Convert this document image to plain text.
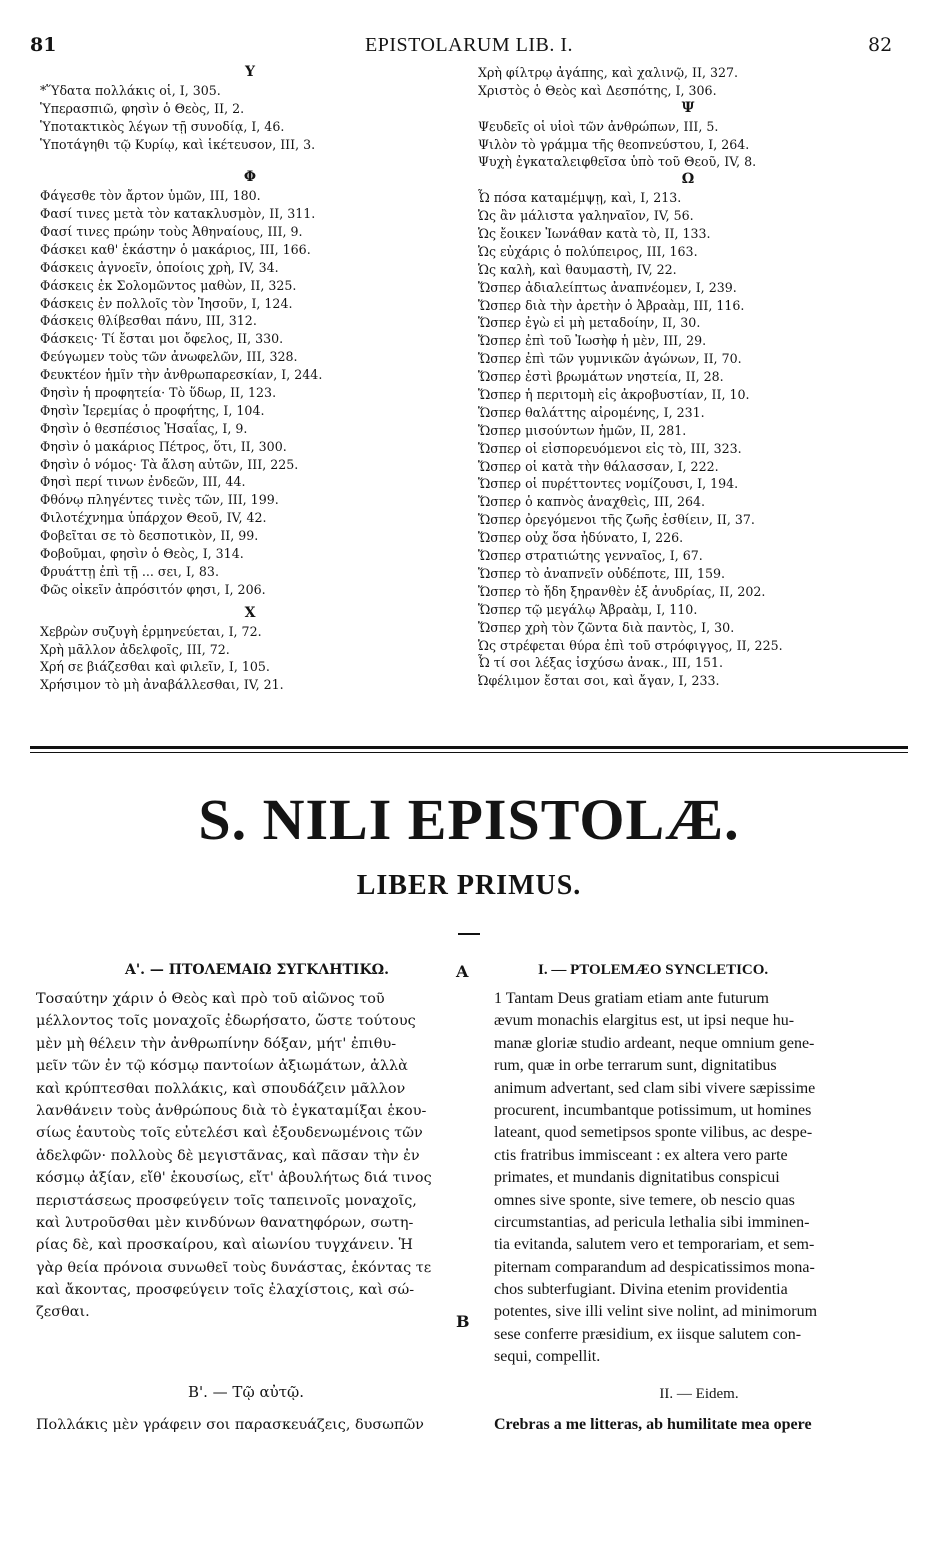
81	EPISTOLARUM LIB. I.	82
Υ
*Ὕδατα πολλάκις οἱ, I, 305.
Ὑπερασπιῶ, φησὶν ὁ Θεὸς, II, 2.
Ὑποτακτικὸς λέγων τῇ συνοδίᾳ, I, 46.
Ὑποτάγηθι τῷ Κυρίῳ, καὶ ἱκέτευσον, III, 3.
Φ
Φάγεσθε τὸν ἄρτον ὑμῶν, III, 180.
Φασί τινες μετὰ τὸν κατακλυσμὸν, II, 311.
Φασί τινες πρώην τοὺς Ἀθηναίους, III, 9.
Φάσκει καθ' ἑκάστην ὁ μακάριος, III, 166.
Φάσκεις ἀγνοεῖν, ὁποίοις χρὴ, IV, 34.
Φάσκεις ἐκ Σολομῶντος μαθὼν, II, 325.
Φάσκεις ἐν πολλοῖς τὸν Ἰησοῦν, I, 124.
Φάσκεις θλίβεσθαι πάνυ, III, 312.
Φάσκεις· Τί ἔσται μοι ὄφελος, II, 330.
Φεύγωμεν τοὺς τῶν ἀνωφελῶν, III, 328.
Φευκτέον ἡμῖν τὴν ἀνθρωπαρεσκίαν, I, 244.
Φησὶν ἡ προφητεία· Τὸ ὕδωρ, II, 123.
Φησὶν Ἱερεμίας ὁ προφήτης, I, 104.
Φησὶν ὁ θεσπέσιος Ἡσαΐας, I, 9.
Φησὶν ὁ μακάριος Πέτρος, ὅτι, II, 300.
Φησὶν ὁ νόμος· Τὰ ἄλση αὐτῶν, III, 225.
Φησὶ περί τινων ἐνδεῶν, III, 44.
Φθόνῳ πληγέντες τινὲς τῶν, III, 199.
Φιλοτέχνημα ὑπάρχον Θεοῦ, IV, 42.
Φοβεῖται σε τὸ δεσποτικὸν, II, 99.
Φοβοῦμαι, φησὶν ὁ Θεὸς, I, 314.
Φρυάττῃ ἐπὶ τῇ ... σει, I, 83.
Φῶς οἰκεῖν ἀπρόσιτόν φησι, I, 206.
Χ
Χεβρὼν συζυγὴ ἑρμηνεύεται, I, 72.
Χρὴ μᾶλλον ἀδελφοῖς, III, 72.
Χρή σε βιάζεσθαι καὶ φιλεῖν, I, 105.
Χρήσιμον τὸ μὴ ἀναβάλλεσθαι, IV, 21.
Χρὴ φίλτρῳ ἀγάπης, καὶ χαλινῷ, II, 327.
Χριστὸς ὁ Θεὸς καὶ Δεσπότης, I, 306.
Ψ
Ψευδεῖς οἱ υἱοὶ τῶν ἀνθρώπων, III, 5.
Ψιλὸν τὸ γράμμα τῆς θεοπνεύστου, I, 264.
Ψυχὴ ἐγκαταλειφθεῖσα ὑπὸ τοῦ Θεοῦ, IV, 8.
Ω
Ὦ πόσα καταμέμψῃ, καὶ, I, 213.
Ὡς ἂν μάλιστα γαληναῖον, IV, 56.
Ὡς ἔοικεν Ἰωνάθαν κατὰ τὸ, II, 133.
Ὡς εὐχάρις ὁ πολύπειρος, III, 163.
Ὡς καλὴ, καὶ θαυμαστὴ, IV, 22.
Ὥσπερ ἀδιαλείπτως ἀναπνέομεν, I, 239.
Ὥσπερ διὰ τὴν ἀρετὴν ὁ Ἀβραὰμ, III, 116.
Ὥσπερ ἐγὼ εἰ μὴ μεταδοίην, II, 30.
Ὥσπερ ἐπὶ τοῦ Ἰωσὴφ ἡ μὲν, III, 29.
Ὥσπερ ἐπὶ τῶν γυμνικῶν ἀγώνων, II, 70.
Ὥσπερ ἐστὶ βρωμάτων νηστεία, II, 28.
Ὥσπερ ἡ περιτομὴ εἰς ἀκροβυστίαν, II, 10.
Ὥσπερ θαλάττης αἰρομένης, I, 231.
Ὥσπερ μισούντων ἡμῶν, II, 281.
Ὥσπερ οἱ εἰσπορευόμενοι εἰς τὸ, III, 323.
Ὥσπερ οἱ κατὰ τὴν θάλασσαν, I, 222.
Ὥσπερ οἱ πυρέττοντες νομίζουσι, I, 194.
Ὥσπερ ὁ καπνὸς ἀναχθεὶς, III, 264.
Ὥσπερ ὀρεγόμενοι τῆς ζωῆς ἐσθίειν, II, 37.
Ὥσπερ οὐχ ὅσα ἠδύνατο, I, 226.
Ὥσπερ στρατιώτης γενναῖος, I, 67.
Ὥσπερ τὸ ἀναπνεῖν οὐδέποτε, III, 159.
Ὥσπερ τὸ ἤδη ξηρανθὲν ἐξ ἀνυδρίας, II, 202.
Ὥσπερ τῷ μεγάλῳ Ἀβραὰμ, I, 110.
Ὥσπερ χρὴ τὸν ζῶντα διὰ παντὸς, I, 30.
Ὡς στρέφεται θύρα ἐπὶ τοῦ στρόφιγγος, II, 225.
Ὦ τί σοι λέξας ἰσχύσω ἀνακ., III, 151.
Ὠφέλιμον ἔσται σοι, καὶ ἄγαν, I, 233.
S. NILI EPISTOLÆ.
LIBER PRIMUS.
Α'. — ΠΤΟΛΕΜΑΙΩ ΣΥΓΚΛΗΤΙΚΩ.	A
Τοσαύτην χάριν ὁ Θεὸς καὶ πρὸ τοῦ αἰῶνος τοῦ
μέλλοντος τοῖς μοναχοῖς ἐδωρήσατο, ὥστε τούτους
μὲν μὴ θέλειν τὴν ἀνθρωπίνην δόξαν, μήτ' ἐπιθυ-
μεῖν τῶν ἐν τῷ κόσμῳ παντοίων ἀξιωμάτων, ἀλλὰ
καὶ κρύπτεσθαι πολλάκις, καὶ σπουδάζειν μᾶλλον
λανθάνειν τοὺς ἀνθρώπους διὰ τὸ ἐγκαταμίξαι ἑκου-
σίως ἑαυτοὺς τοῖς εὐτελέσι καὶ ἐξουδενωμένοις τῶν
ἀδελφῶν· πολλοὺς δὲ μεγιστᾶνας, καὶ πᾶσαν τὴν ἐν
κόσμῳ ἀξίαν, εἴθ' ἑκουσίως, εἴτ' ἀβουλήτως διά τινος
περιστάσεως προσφεύγειν τοῖς ταπεινοῖς μοναχοῖς,
καὶ λυτροῦσθαι μὲν κινδύνων θανατηφόρων, σωτη-
ρίας δὲ, καὶ προσκαίρου, καὶ αἰωνίου τυγχάνειν. Ἡ
γὰρ θεία πρόνοια συνωθεῖ τοὺς δυνάστας, ἑκόντας τε
καὶ ἄκοντας, προσφεύγειν τοῖς ἐλαχίστοις, καὶ σώ-
ζεσθαι.
Β'. — Τῷ αὐτῷ.
Πολλάκις μὲν γράφειν σοι παρασκευάζεις, δυσωπῶν
I. — PTOLEMÆO SYNCLETICO.
B
1 Tantam Deus gratiam etiam ante futurum
ævum monachis elargitus est, ut ipsi neque hu-
manæ gloriæ studio ardeant, neque omnium gene-
rum, quæ in orbe terrarum sunt, dignitatibus
animum advertant, sed clam sibi vivere sæpissime
procurent, incumbantque potissimum, ut homines
lateant, quod semetipsos sponte vilibus, ac despe-
ctis fratribus immisceant : ex altera vero parte
primates, et mundanis dignitatibus conspicui
omnes sive sponte, sive temere, ob nescio quas
circumstantias, ad pericula lethalia sibi imminen-
tia evitanda, salutem vero et temporariam, et sem-
piternam comparandum ad despicatissimos mona-
chos subterfugiant. Divina etenim providentia
potentes, sive illi velint sive nolint, ad minimorum
sese conferre præsidium, ex iisque salutem con-
sequi, compellit.
II. — Eidem.
Crebras a me litteras, ab humilitate mea opere
